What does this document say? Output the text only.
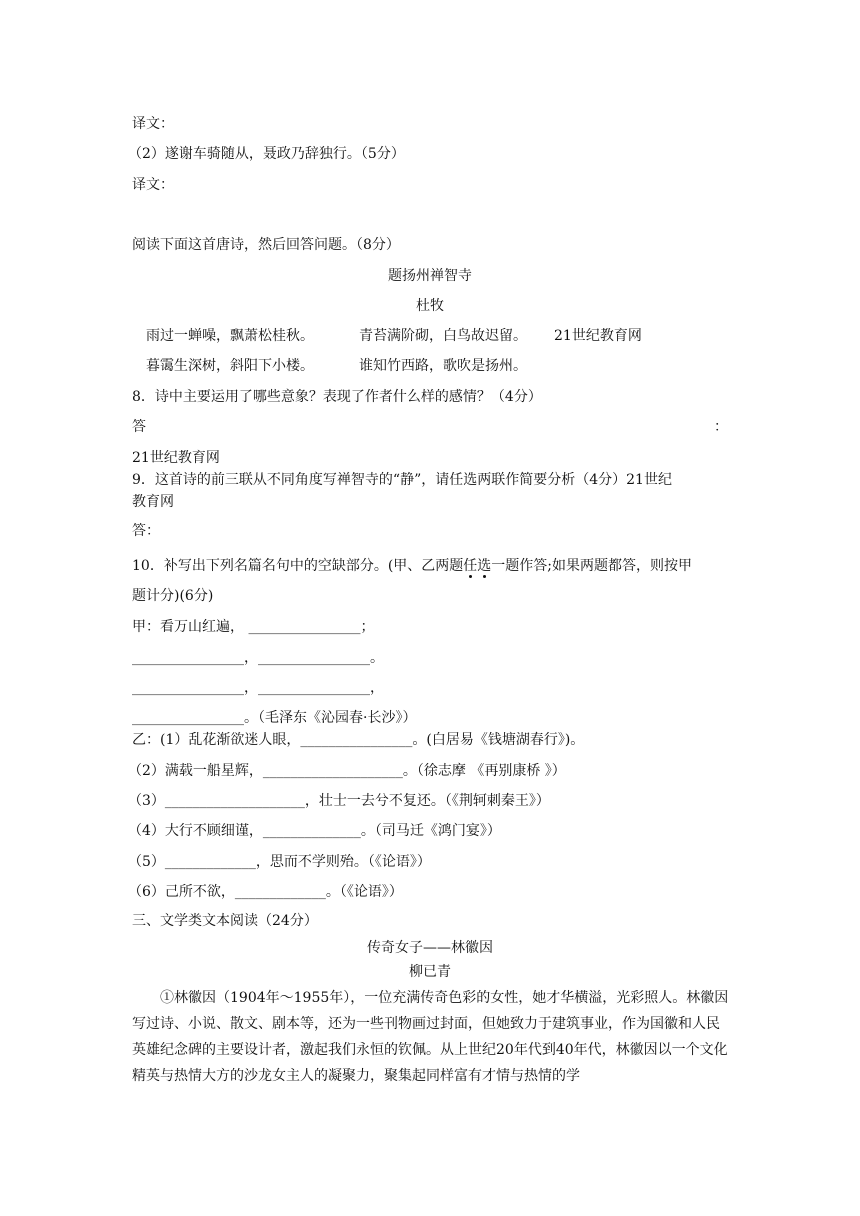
译文：
（2）遂谢车骑随从，聂政乃辞独行。（5分）
译文：
阅读下面这首唐诗，然后回答问题。（8分）
题扬州禅智寺
杜牧
雨过一蝉噪，飘萧松桂秋。	青苔满阶砌，白鸟故迟留。 21世纪教育网
暮霭生深树，斜阳下小楼。	谁知竹西路，歌吹是扬州。
8．诗中主要运用了哪些意象？表现了作者什么样的感情？（4分）
答	：
21世纪教育网
9．这首诗的前三联从不同角度写禅智寺的“静”，请任选两联作简要分析（4分）21世纪
教育网
答：
10．补写出下列名篇名句中的空缺部分。(甲、乙两题任选一题作答;如果两题都答，则按甲
题计分)(6分)
甲：看万山红遍， ________________；
________________，________________。
________________，________________，
________________。（毛泽东《沁园春·长沙》）
乙：(1）乱花渐欲迷人眼，________________。(白居易《钱塘湖春行》)。
（2）满载一船星辉，____________________。（徐志摩 《再别康桥 》）
（3）____________________，壮士一去兮不复还。（《荆轲刺秦王》）
（4）大行不顾细谨，______________。（司马迁《鸿门宴》）
（5）_____________，思而不学则殆。（《论语》）
（6）己所不欲，_____________。（《论语》）
三、文学类文本阅读（24分）
传奇女子——林徽因
柳已青
①林徽因（1904年～1955年），一位充满传奇色彩的女性，她才华横溢，光彩照人。林徽因写过诗、小说、散文、剧本等，还为一些刊物画过封面，但她致力于建筑事业，作为国徽和人民英雄纪念碑的主要设计者，激起我们永恒的钦佩。从上世纪20年代到40年代，林徽因以一个文化精英与热情大方的沙龙女主人的凝聚力，聚集起同样富有才情与热情的学
